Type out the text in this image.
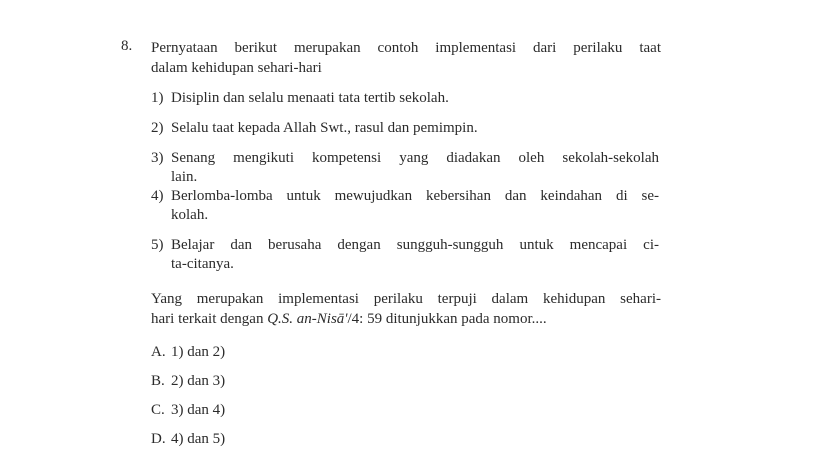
8. Pernyataan berikut merupakan contoh implementasi dari perilaku taat
dalam kehidupan sehari-hari
1) Disiplin dan selalu menaati tata tertib sekolah.
2) Selalu taat kepada Allah Swt., rasul dan pemimpin.
3) Senang mengikuti kompetensi yang diadakan oleh sekolah-sekolah
lain.
4) Berlomba-lomba untuk mewujudkan kebersihan dan keindahan di se-
kolah.
5) Belajar dan berusaha dengan sungguh-sungguh untuk mencapai ci-
ta-citanya.
Yang merupakan implementasi perilaku terpuji dalam kehidupan sehari-
hari terkait dengan Q.S. an-Nisā'/4: 59 ditunjukkan pada nomor....
A. 1) dan 2)
B. 2) dan 3)
C. 3) dan 4)
D. 4) dan 5)
